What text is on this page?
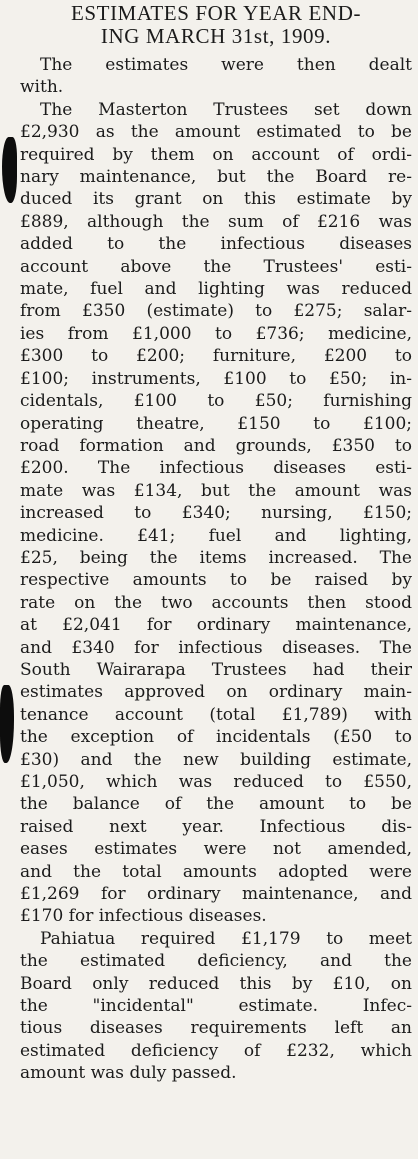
ESTIMATES FOR YEAR END-
ING MARCH 31st, 1909.

The estimates were then dealt
with.

The Masterton Trustees set down
£2,930 as the amount estimated to be
required by them on account of ordi-
nary maintenance, but the Board re-
duced its grant on this estimate by
£889, although the sum of £216 was
added to the infectious diseases
account above the Trustees' esti-
mate, fuel and lighting was reduced
from £350 (estimate) to £275; salar-
ies from £1,000 to £736; medicine,
£300 to £200; furniture, £200 to
£100; instruments, £100 to £50; in-
cidentals, £100 to £50; furnishing
operating theatre, £150 to £100;
road formation and grounds, £350 to
£200. The infectious diseases esti-
mate was £134, but the amount was
increased to £340; nursing, £150;
medicine. £41; fuel and lighting,
£25, being the items increased. The
respective amounts to be raised by
rate on the two accounts then stood
at £2,041 for ordinary maintenance,
and £340 for infectious diseases. The
South Wairarapa Trustees had their
estimates approved on ordinary main-
tenance account (total £1,789) with
the exception of incidentals (£50 to
£30) and the new building estimate,
£1,050, which was reduced to £550,
the balance of the amount to be
raised next year. Infectious dis-
eases estimates were not amended,
and the total amounts adopted were
£1,269 for ordinary maintenance, and
£170 for infectious diseases.

Pahiatua required £1,179 to meet
the estimated deficiency, and the
Board only reduced this by £10, on
the "incidental" estimate. Infec-
tious diseases requirements left an
estimated deficiency of £232, which
amount was duly passed.
